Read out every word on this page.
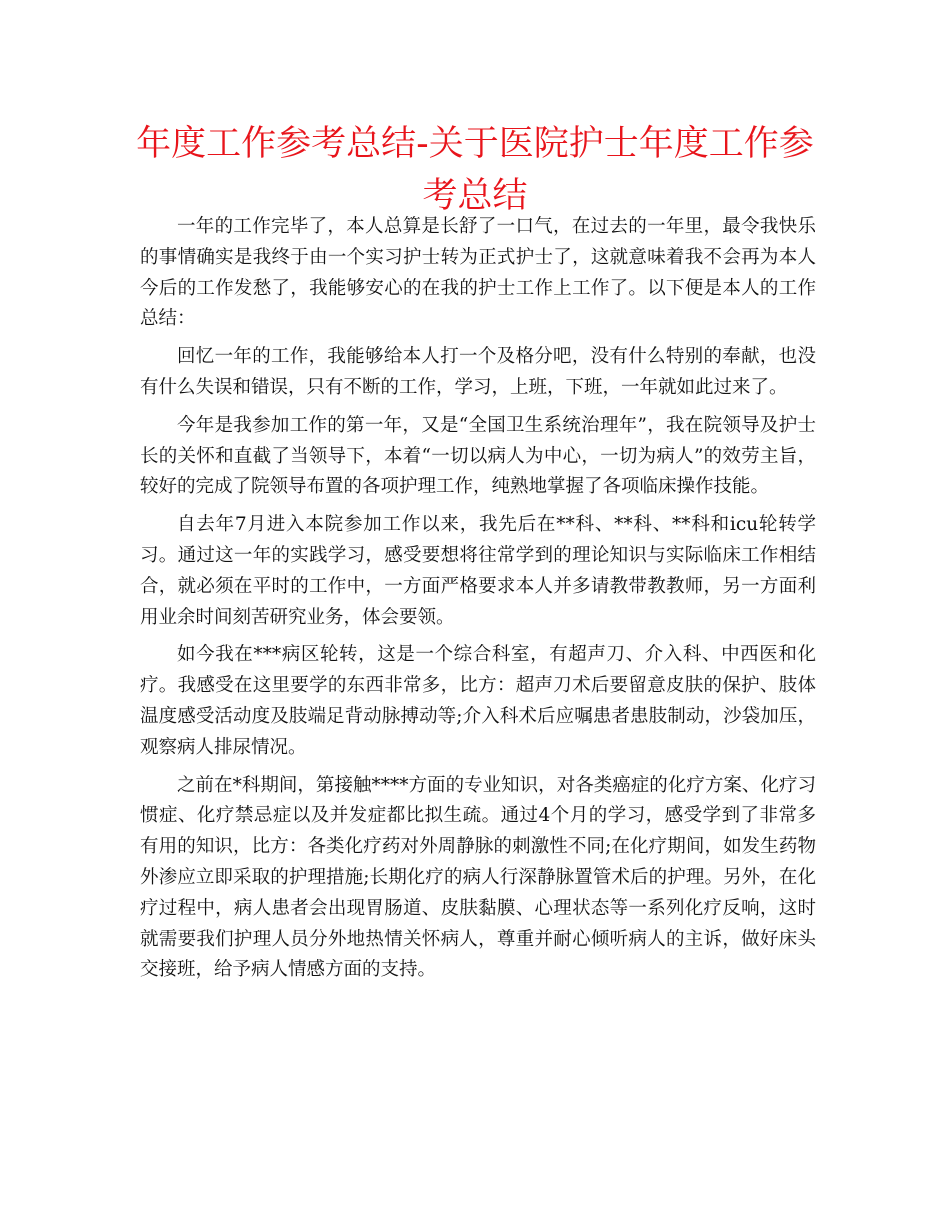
年度工作参考总结-关于医院护士年度工作参考总结

一年的工作完毕了，本人总算是长舒了一口气，在过去的一年里，最令我快乐的事情确实是我终于由一个实习护士转为正式护士了，这就意味着我不会再为本人今后的工作发愁了，我能够安心的在我的护士工作上工作了。以下便是本人的工作总结：

回忆一年的工作，我能够给本人打一个及格分吧，没有什么特别的奉献，也没有什么失误和错误，只有不断的工作，学习，上班，下班，一年就如此过来了。

今年是我参加工作的第一年，又是“全国卫生系统治理年”，我在院领导及护士长的关怀和直截了当领导下，本着“一切以病人为中心，一切为病人”的效劳主旨，较好的完成了院领导布置的各项护理工作，纯熟地掌握了各项临床操作技能。

自去年7月进入本院参加工作以来，我先后在**科、**科、**科和icu轮转学习。通过这一年的实践学习，感受要想将往常学到的理论知识与实际临床工作相结合，就必须在平时的工作中，一方面严格要求本人并多请教带教教师，另一方面利用业余时间刻苦研究业务，体会要领。

如今我在***病区轮转，这是一个综合科室，有超声刀、介入科、中西医和化疗。我感受在这里要学的东西非常多，比方：超声刀术后要留意皮肤的保护、肢体温度感受活动度及肢端足背动脉搏动等;介入科术后应嘱患者患肢制动，沙袋加压，观察病人排尿情况。

之前在*科期间，第接触****方面的专业知识，对各类癌症的化疗方案、化疗习惯症、化疗禁忌症以及并发症都比拟生疏。通过4个月的学习，感受学到了非常多有用的知识，比方：各类化疗药对外周静脉的刺激性不同;在化疗期间，如发生药物外渗应立即采取的护理措施;长期化疗的病人行深静脉置管术后的护理。另外，在化疗过程中，病人患者会出现胃肠道、皮肤黏膜、心理状态等一系列化疗反响，这时就需要我们护理人员分外地热情关怀病人，尊重并耐心倾听病人的主诉，做好床头交接班，给予病人情感方面的支持。
